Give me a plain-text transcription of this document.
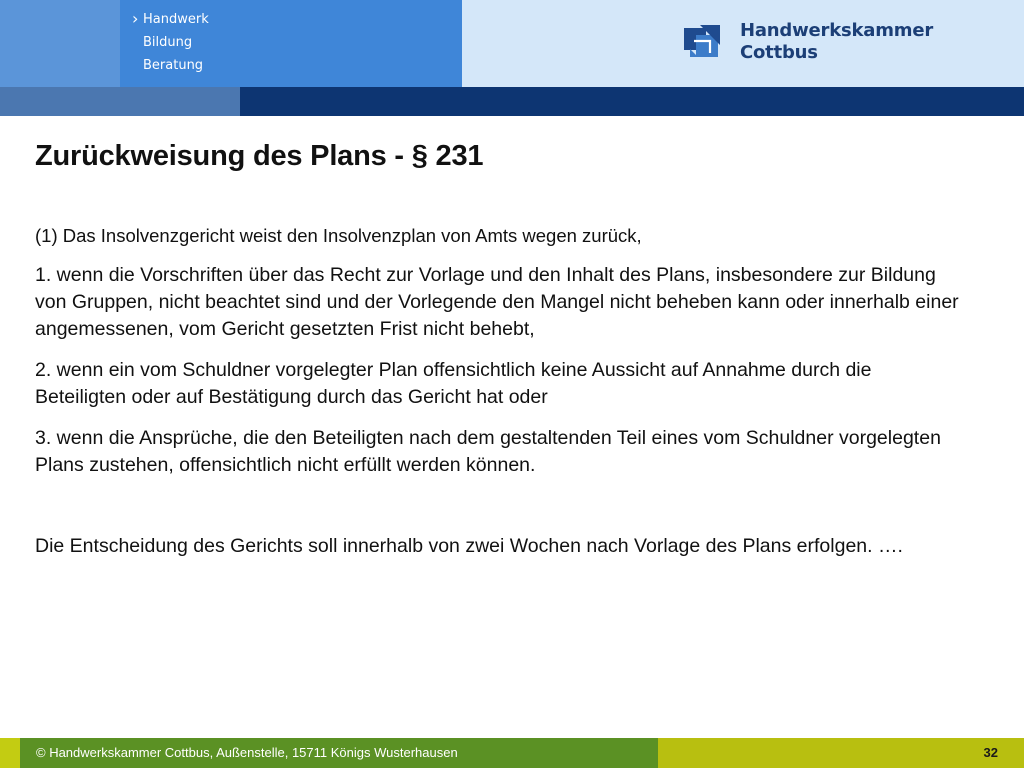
› Handwerk
Bildung
Beratung
Handwerkskammer
Cottbus
Zurückweisung des Plans - § 231

(1) Das Insolvenzgericht weist den Insolvenzplan von Amts wegen zurück,

1. wenn die Vorschriften über das Recht zur Vorlage und den Inhalt des Plans, insbesondere zur Bildung von Gruppen, nicht beachtet sind und der Vorlegende den Mangel nicht beheben kann oder innerhalb einer angemessenen, vom Gericht gesetzten Frist nicht behebt,

2. wenn ein vom Schuldner vorgelegter Plan offensichtlich keine Aussicht auf Annahme durch die Beteiligten oder auf Bestätigung durch das Gericht hat oder

3. wenn die Ansprüche, die den Beteiligten nach dem gestaltenden Teil eines vom Schuldner vorgelegten Plans zustehen, offensichtlich nicht erfüllt werden können.

Die Entscheidung des Gerichts soll innerhalb von zwei Wochen nach Vorlage des Plans erfolgen. ….

© Handwerkskammer Cottbus, Außenstelle, 15711 Königs Wusterhausen	32
